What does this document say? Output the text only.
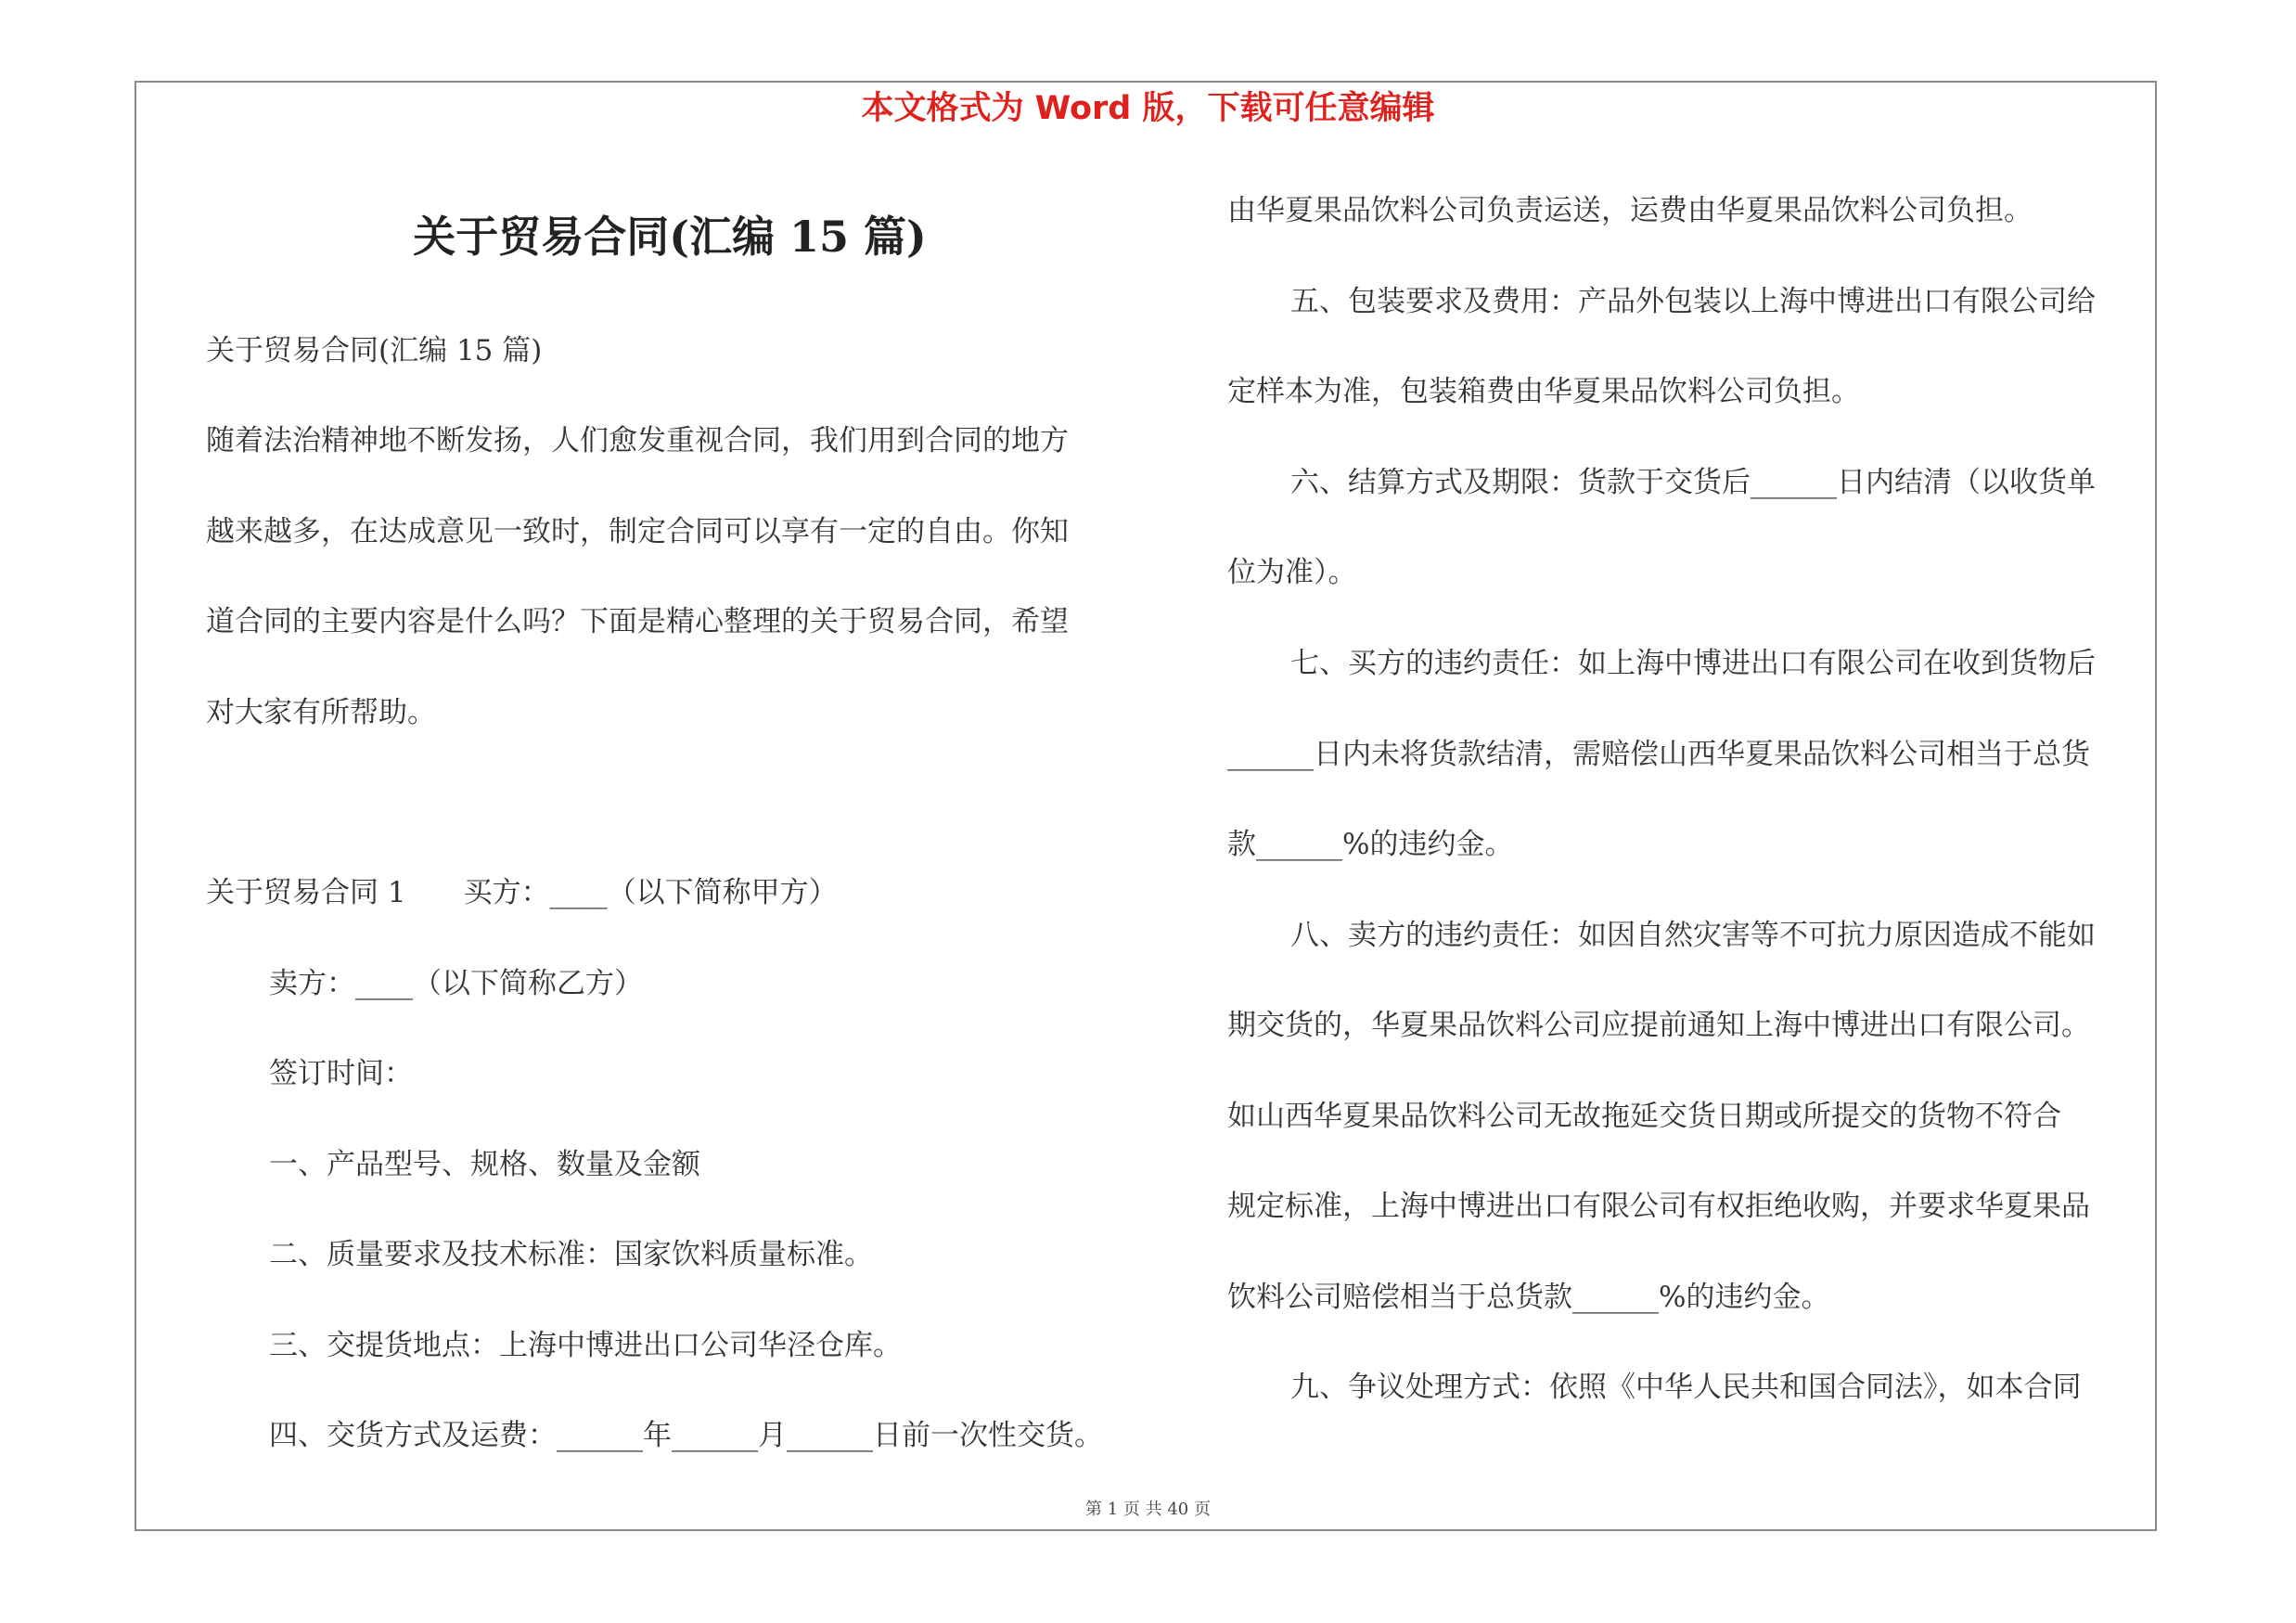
本文格式为 Word 版，下载可任意编辑
关于贸易合同(汇编 15 篇)
关于贸易合同(汇编 15 篇)
随着法治精神地不断发扬，人们愈发重视合同，我们用到合同的地方
越来越多，在达成意见一致时，制定合同可以享有一定的自由。你知
道合同的主要内容是什么吗？下面是精心整理的关于贸易合同，希望
对大家有所帮助。
关于贸易合同 1　　买方：____（以下简称甲方）
卖方：____（以下简称乙方）
签订时间：
一、产品型号、规格、数量及金额
二、质量要求及技术标准：国家饮料质量标准。
三、交提货地点：上海中博进出口公司华泾仓库。
四、交货方式及运费：______年______月______日前一次性交货。
由华夏果品饮料公司负责运送，运费由华夏果品饮料公司负担。
五、包装要求及费用：产品外包装以上海中博进出口有限公司给
定样本为准，包装箱费由华夏果品饮料公司负担。
六、结算方式及期限：货款于交货后______日内结清（以收货单
位为准）。
七、买方的违约责任：如上海中博进出口有限公司在收到货物后
______日内未将货款结清，需赔偿山西华夏果品饮料公司相当于总货
款______%的违约金。
八、卖方的违约责任：如因自然灾害等不可抗力原因造成不能如
期交货的，华夏果品饮料公司应提前通知上海中博进出口有限公司。
如山西华夏果品饮料公司无故拖延交货日期或所提交的货物不符合
规定标准，上海中博进出口有限公司有权拒绝收购，并要求华夏果品
饮料公司赔偿相当于总货款______%的违约金。
九、争议处理方式：依照《中华人民共和国合同法》，如本合同
第 1 页 共 40 页
